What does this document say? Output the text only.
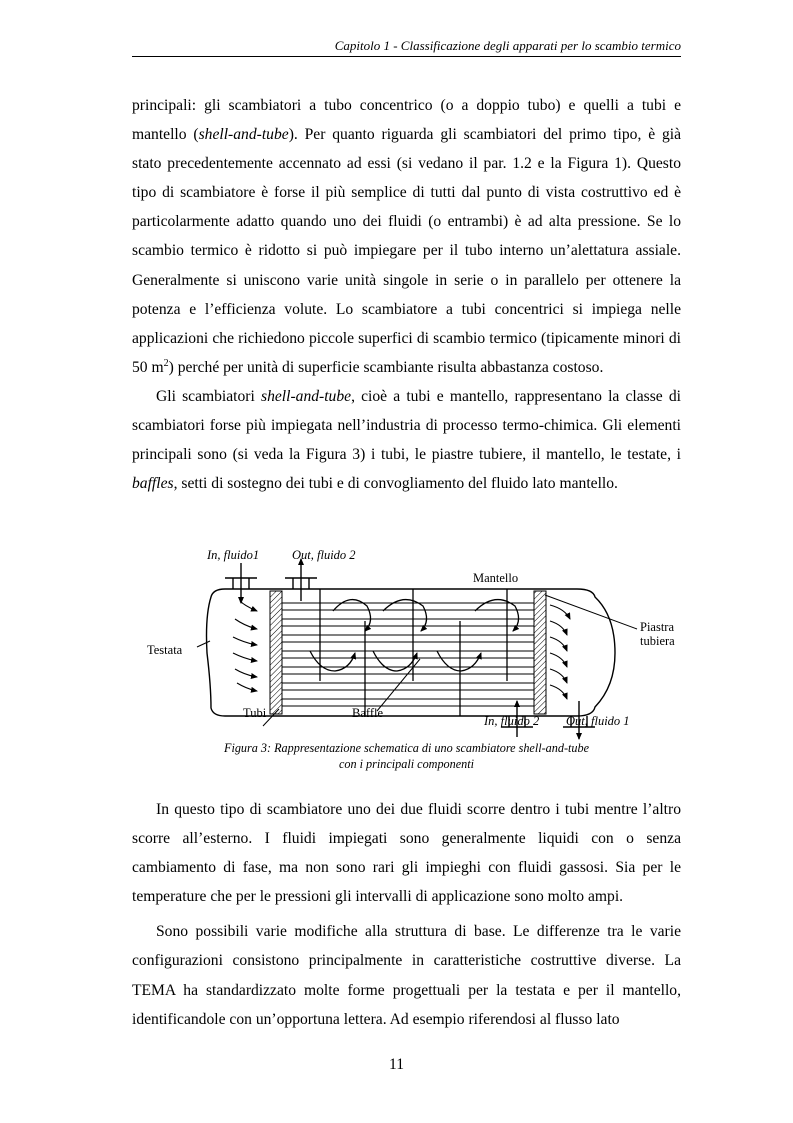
Capitolo 1 - Classificazione degli apparati per lo scambio termico

principali: gli scambiatori a tubo concentrico (o a doppio tubo) e quelli a tubi e mantello (shell-and-tube). Per quanto riguarda gli scambiatori del primo tipo, è già stato precedentemente accennato ad essi (si vedano il par. 1.2 e la Figura 1). Questo tipo di scambiatore è forse il più semplice di tutti dal punto di vista costruttivo ed è particolarmente adatto quando uno dei fluidi (o entrambi) è ad alta pressione. Se lo scambio termico è ridotto si può impiegare per il tubo interno un’alettatura assiale. Generalmente si uniscono varie unità singole in serie o in parallelo per ottenere la potenza e l’efficienza volute. Lo scambiatore a tubi concentrici si impiega nelle applicazioni che richiedono piccole superfici di scambio termico (tipicamente minori di 50 $m^2$) perché per unità di superficie scambiante risulta abbastanza costoso.

Gli scambiatori shell-and-tube, cioè a tubi e mantello, rappresentano la classe di scambiatori forse più impiegata nell’industria di processo termo-chimica. Gli elementi principali sono (si veda la Figura 3) i tubi, le piastre tubiere, il mantello, le testate, i baffles, setti di sostegno dei tubi e di convogliamento del fluido lato mantello.

In, fluido1	Out, fluido 2
Mantello
Piastra
tubiera
Testata
Tubi	Baffle
In, fluido 2 Out, fluido 1
Figura 3: Rappresentazione schematica di uno scambiatore shell-and-tube
con i principali componenti

In questo tipo di scambiatore uno dei due fluidi scorre dentro i tubi mentre l’altro scorre all’esterno. I fluidi impiegati sono generalmente liquidi con o senza cambiamento di fase, ma non sono rari gli impieghi con fluidi gassosi. Sia per le temperature che per le pressioni gli intervalli di applicazione sono molto ampi.

Sono possibili varie modifiche alla struttura di base. Le differenze tra le varie configurazioni consistono principalmente in caratteristiche costruttive diverse. La TEMA ha standardizzato molte forme progettuali per la testata e per il mantello, identificandole con un’opportuna lettera. Ad esempio riferendosi al flusso lato

11
